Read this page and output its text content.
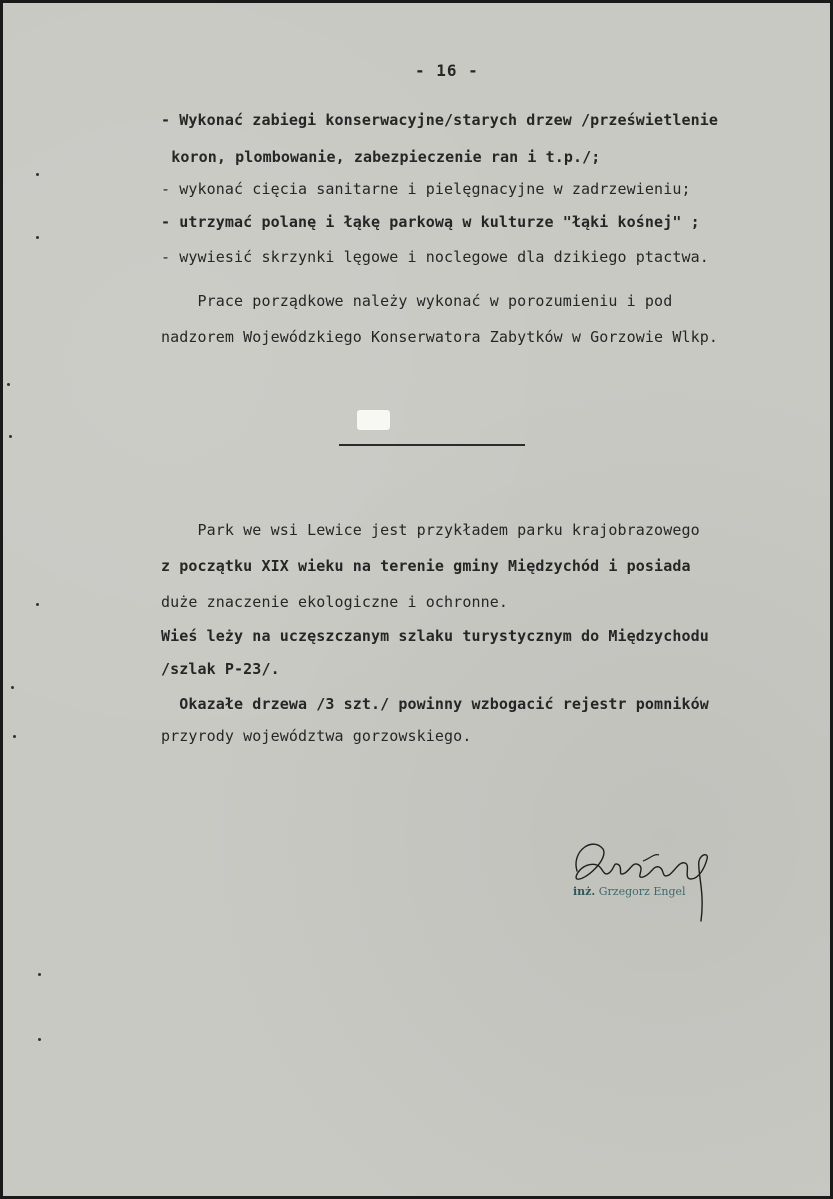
- 16 -
- Wykonać zabiegi konserwacyjne/starych drzew /prześwietlenie
koron, plombowanie, zabezpieczenie ran i t.p./;
- wykonać cięcia sanitarne i pielęgnacyjne w zadrzewieniu;
- utrzymać polanę i łąkę parkową w kulturze "łąki kośnej" ;
- wywiesić skrzynki lęgowe i noclegowe dla dzikiego ptactwa.
Prace porządkowe należy wykonać w porozumieniu i pod
nadzorem Wojewódzkiego Konserwatora Zabytków w Gorzowie Wlkp.
Park we wsi Lewice jest przykładem parku krajobrazowego
z początku XIX wieku na terenie gminy Międzychód i posiada
duże znaczenie ekologiczne i ochronne.
Wieś leży na uczęszczanym szlaku turystycznym do Międzychodu
/szlak P-23/.
Okazałe drzewa /3 szt./ powinny wzbogacić rejestr pomników
przyrody województwa gorzowskiego.
inż. Grzegorz Engel
